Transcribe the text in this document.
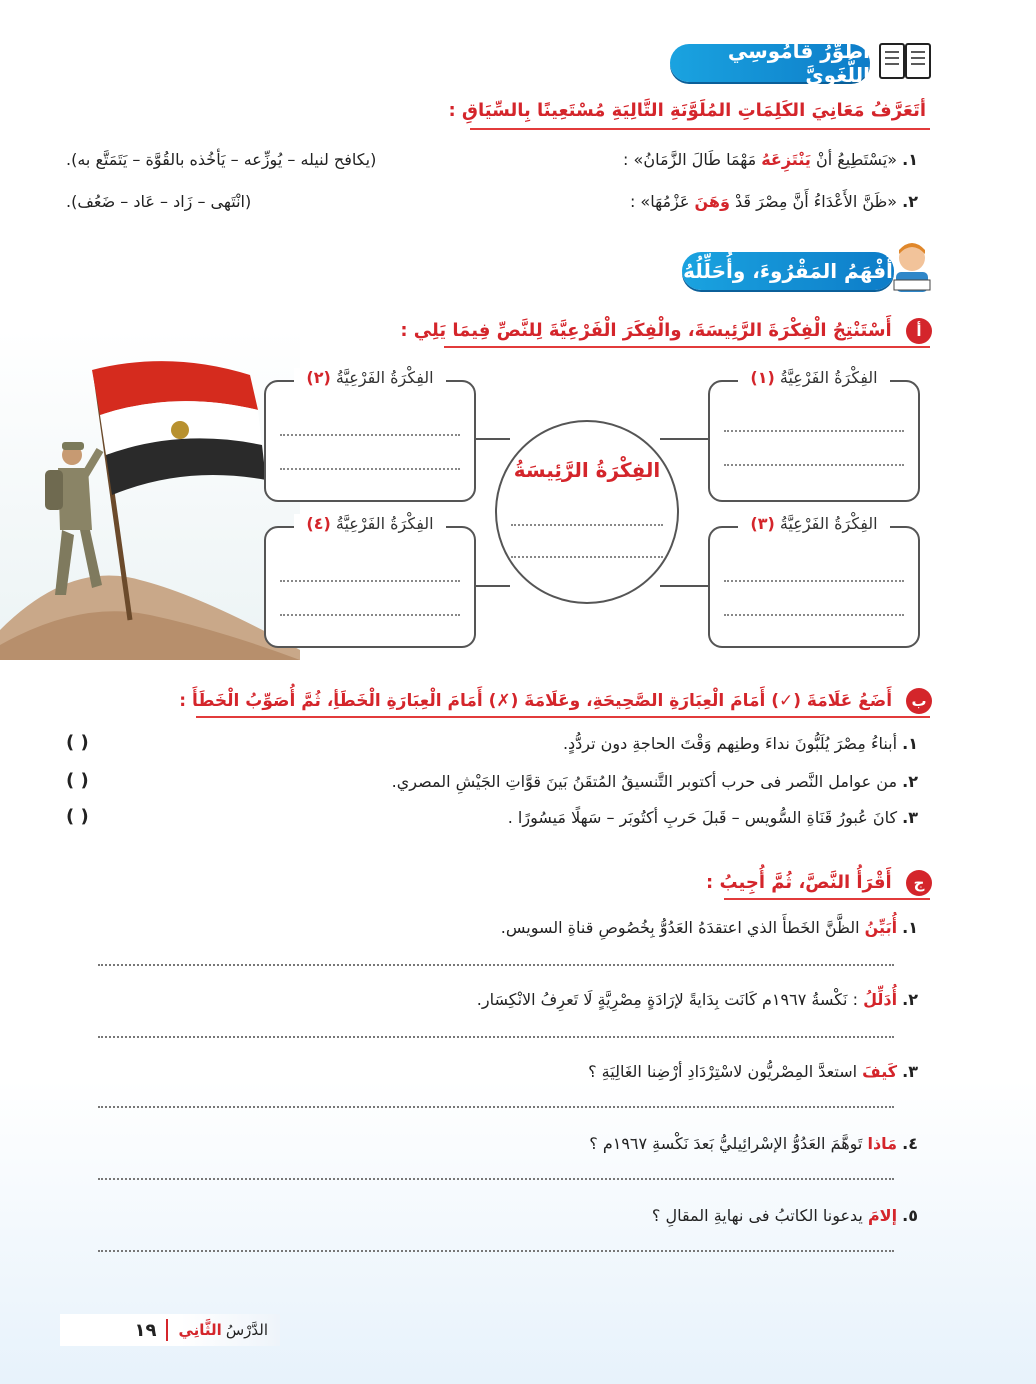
أُطَوِّرُ قَامُوسِي اللُّغَوِيَّ
أتَعَرَّفُ مَعَانِيَ الكَلِمَاتِ المُلَوَّنَةِ التَّالِيَةِ مُسْتَعِينًا بِالسِّيَاقِ :
١. «يَسْتَطِيعُ أنْ يَنْتَزِعَهُ مَهْمَا طَالَ الزَّمَانُ» :
(يكافح لنيله – يُوزِّعه – يَأخُذه بالقُوَّة – يَتَمَتَّع به).
٢. «ظَنَّ الأَعْدَاءُ أَنَّ مِصْرَ قَدْ وَهَنَ عَزْمُهَا» :
(انْتَهى – زَاد – عَاد – ضَعُف).
أَفْهَمُ المَقْرُوءَ، وأُحَلِّلُهُ
أ أَسْتَنْتِجُ الْفِكْرَةَ الرَّئِيسَةَ، والْفِكَرَ الْفَرْعِيَّةَ لِلنَّصِّ فِيمَا يَلِي :
الفِكْرَةُ الرَّئِيسَةُ
الفِكْرَةُ الفَرْعِيَّةُ (١)
الفِكْرَةُ الفَرْعِيَّةُ (٢)
الفِكْرَةُ الفَرْعِيَّةُ (٣)
الفِكْرَةُ الفَرْعِيَّةُ (٤)
ب أَضَعُ عَلَامَةَ (✓) أَمَامَ الْعِبَارَةِ الصَّحِيحَةِ، وعَلَامَةَ (✗) أَمَامَ الْعِبَارَةِ الْخَطَأِ، ثُمَّ أُصَوِّبُ الْخَطَأَ :
١. أبناءُ مِصْرَ يُلَبُّونَ نداءَ وطنِهم وَقْتَ الحاجةِ دون تردُّدٍ.
( )
٢. من عوامل النَّصر فى حرب أكتوبر التَّنسيقُ المُتقَنُ بَينَ قوَّاتِ الجَيْشِ المصري.
( )
٣. كانَ عُبورُ قَنَاةِ السُّويس – قَبلَ حَربِ أكتُوبَر – سَهلًا مَيسُورًا .
( )
ج أَقْرَأُ النَّصَّ، ثُمَّ أُجِيبُ :
١. أُبَيِّنُ الظَّنَّ الخَطأَ الذي اعتقدَهُ العَدُوُّ بِخُصُوصِ قناةِ السويس.
٢. أُدَلِّلُ : نَكْسةُ ١٩٦٧م كَانَت بِدَايةً لإرَادَةٍ مِصْرِيَّةٍ لَا تَعرِفُ الانْكِسَار.
٣. كَيفَ استعدَّ المِصْريُّون لاسْتِرْدَادِ أرْضِنا الغَالِيَةِ ؟
٤. مَاذا تَوهَّمَ العَدُوُّ الإسْرائِيليُّ بَعدَ نَكْسةِ ١٩٦٧م ؟
٥. إلامَ يدعونا الكاتبُ فى نهايةِ المقالِ ؟
الدَّرْسُ
الثَّانِي
١٩
